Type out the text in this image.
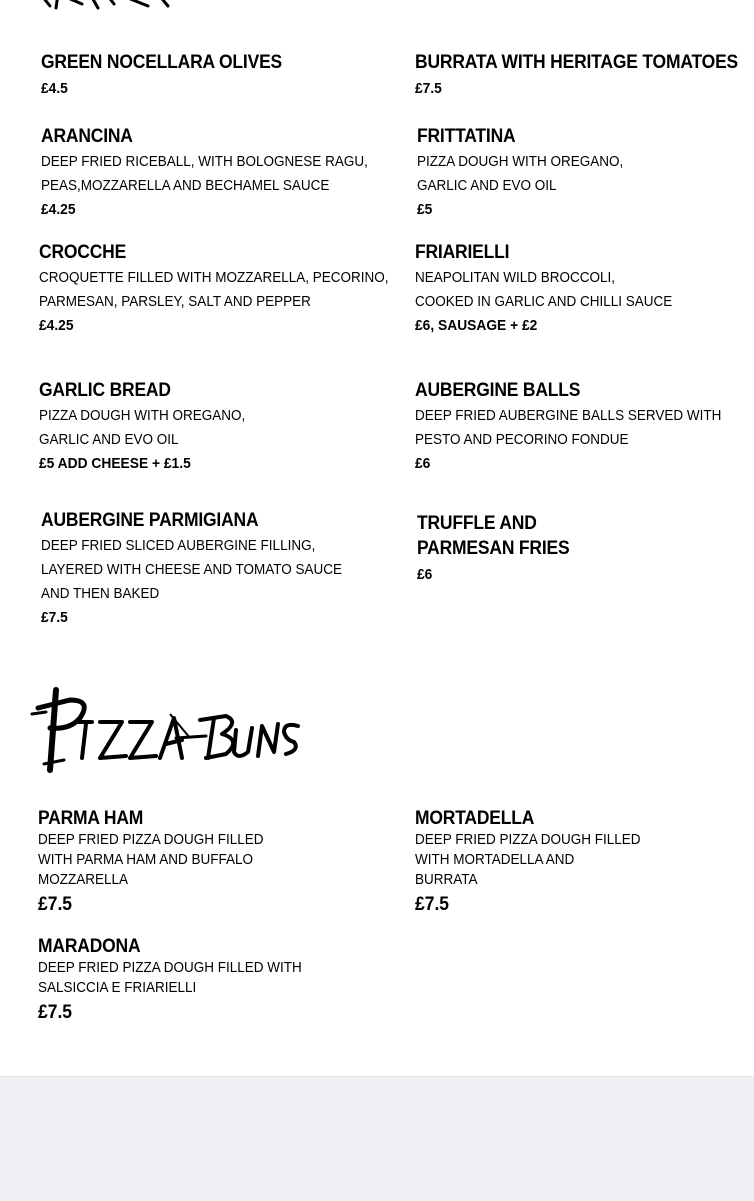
GREEN NOCELLARA OLIVES
£4.5
BURRATA WITH HERITAGE TOMATOES
£7.5
ARANCINA
DEEP FRIED RICEBALL, WITH BOLOGNESE RAGU,
PEAS,MOZZARELLA AND BECHAMEL SAUCE
£4.25
FRITTATINA
PIZZA DOUGH WITH OREGANO,
GARLIC AND EVO OIL
£5
CROCCHE
CROQUETTE FILLED WITH MOZZARELLA, PECORINO,
PARMESAN, PARSLEY, SALT AND PEPPER
£4.25
FRIARIELLI
NEAPOLITAN WILD BROCCOLI,
COOKED IN GARLIC AND CHILLI SAUCE
£6, SAUSAGE + £2
GARLIC BREAD
PIZZA DOUGH WITH OREGANO,
GARLIC AND EVO OIL
£5 ADD CHEESE + £1.5
AUBERGINE BALLS
DEEP FRIED AUBERGINE BALLS SERVED WITH
PESTO AND PECORINO FONDUE
£6
AUBERGINE PARMIGIANA
DEEP FRIED SLICED AUBERGINE FILLING,
LAYERED WITH CHEESE AND TOMATO SAUCE
AND THEN BAKED
£7.5
TRUFFLE AND
PARMESAN FRIES
£6
PARMA HAM
DEEP FRIED PIZZA DOUGH FILLED
WITH PARMA HAM AND BUFFALO
MOZZARELLA
£7.5
MORTADELLA
DEEP FRIED PIZZA DOUGH FILLED
WITH MORTADELLA AND
BURRATA
£7.5
MARADONA
DEEP FRIED PIZZA DOUGH FILLED WITH
SALSICCIA E FRIARIELLI
£7.5
